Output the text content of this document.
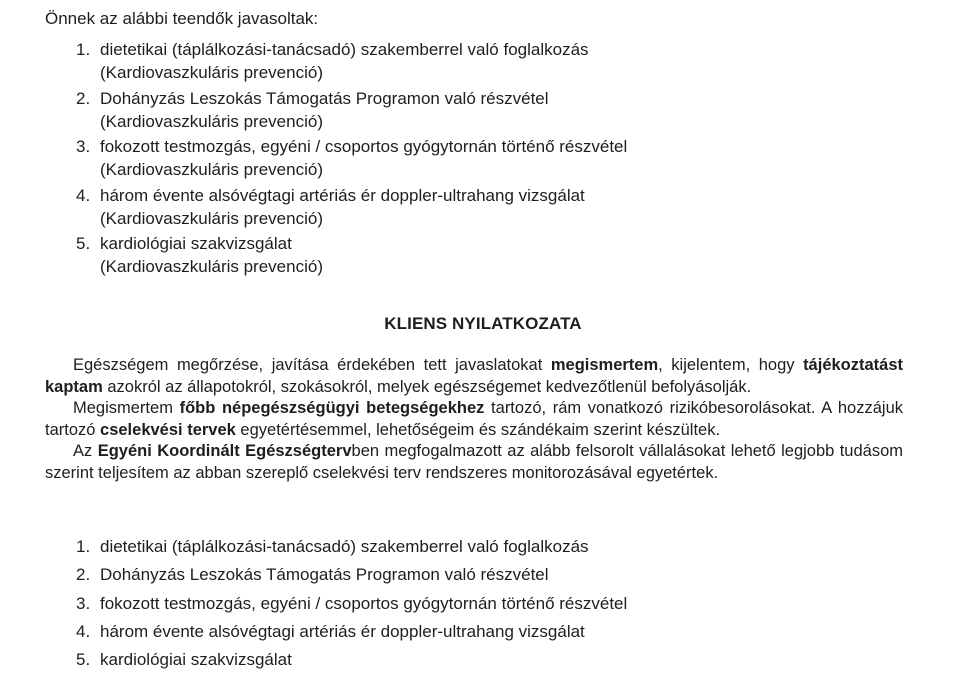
Önnek az alábbi teendők javasoltak:
1. dietetikai (táplálkozási-tanácsadó) szakemberrel való foglalkozás
(Kardiovaszkuláris prevenció)
2. Dohányzás Leszokás Támogatás Programon való részvétel
(Kardiovaszkuláris prevenció)
3. fokozott testmozgás, egyéni / csoportos gyógytornán történő részvétel
(Kardiovaszkuláris prevenció)
4. három évente alsóvégtagi artériás ér doppler-ultrahang vizsgálat
(Kardiovaszkuláris prevenció)
5. kardiológiai szakvizsgálat
(Kardiovaszkuláris prevenció)
KLIENS NYILATKOZATA

Egészségem megőrzése, javítása érdekében tett javaslatokat megismertem, kijelentem, hogy tájékoztatást kaptam azokról az állapotokról, szokásokról, melyek egészségemet kedvezőtlenül befolyásolják.

Megismertem főbb népegészségügyi betegségekhez tartozó, rám vonatkozó rizikóbesorolásokat. A hozzájuk tartozó cselekvési tervek egyetértésemmel, lehetőségeim és szándékaim szerint készültek.

Az Egyéni Koordinált Egészségtervben megfogalmazott az alább felsorolt vállalásokat lehető legjobb tudásom szerint teljesítem az abban szereplő cselekvési terv rendszeres monitorozásával egyetértek.

1. dietetikai (táplálkozási-tanácsadó) szakemberrel való foglalkozás
2. Dohányzás Leszokás Támogatás Programon való részvétel
3. fokozott testmozgás, egyéni / csoportos gyógytornán történő részvétel
4. három évente alsóvégtagi artériás ér doppler-ultrahang vizsgálat
5. kardiológiai szakvizsgálat
